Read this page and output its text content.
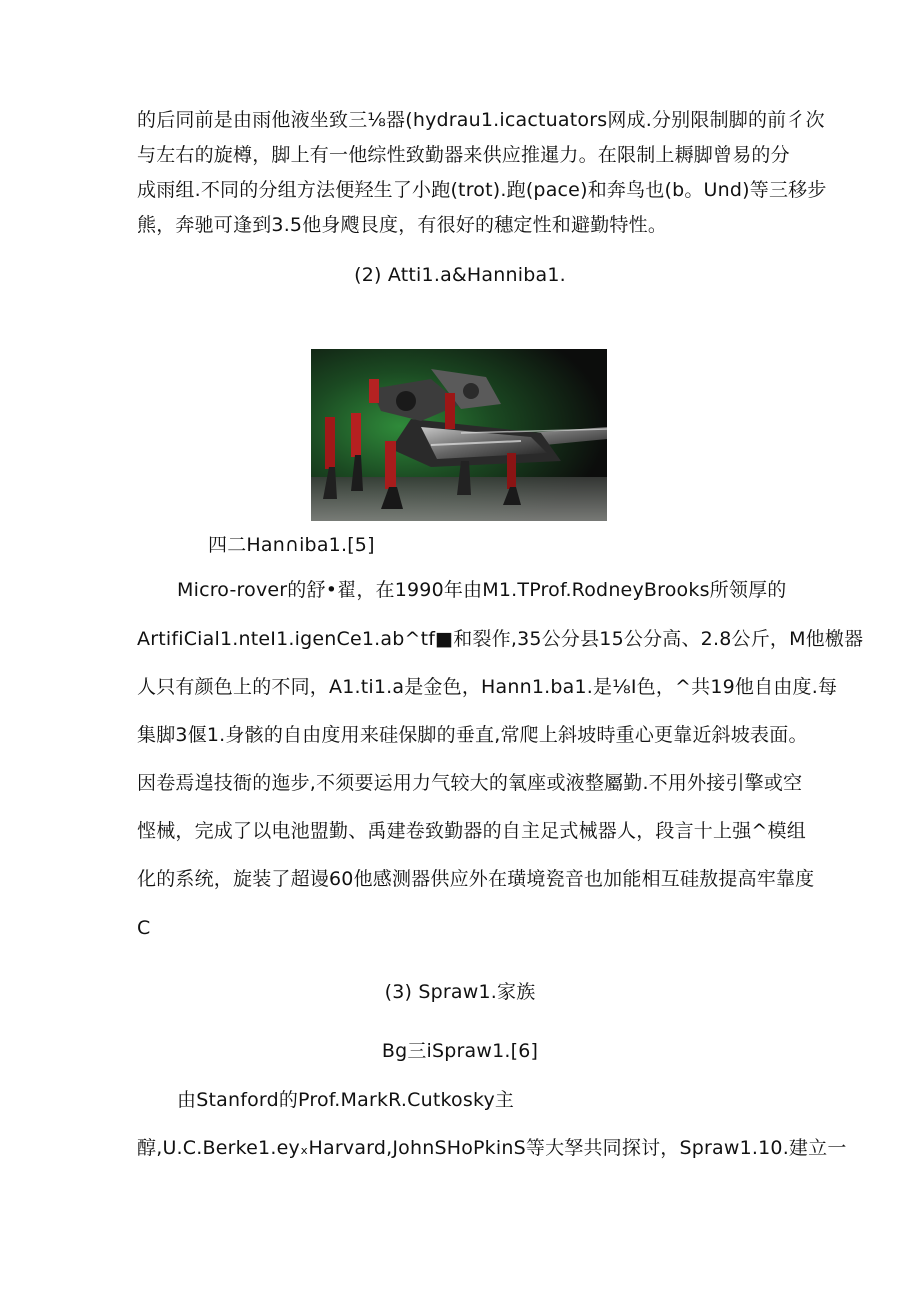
的后同前是由雨他液坐致三⅛器(hydrau1.icactuators网成.分别限制脚的前彳次
与左右的旋樽，脚上有一他综性致勤器来供应推暹力。在限制上耨脚曾易的分
成雨组.不同的分组方法便羟生了小跑(trot).跑(pace)和奔鸟也(b。Und)等三移步
熊，奔驰可逢到3.5他身飕艮度，有很好的穗定性和避勤特性。
(2) Atti1.a&Hanniba1.
四二Han∩iba1.[5]
Micro-rover的舒•翟，在1990年由M1.TProf.RodneyBrooks所领厚的
ArtifiCial1.nteI1.igenCe1.ab^tf■和裂作,35公分县15公分高、2.8公斤，M他檄器
人只有颜色上的不同，A1.ti1.a是金色，Hann1.ba1.是⅛I色，^共19他自由度.每
集脚3偃1.身骸的自由度用来硅保脚的垂直,常爬上斜坡時重心更靠近斜坡表面。
因卷焉遑技衙的迤步,不须要运用力气较大的氧座或液整屬勤.不用外接引擎或空
悭械，完成了以电池盟勤、禹建卷致勤器的自主足式械器人，段言十上强^模组
化的系统，旋装了超谩60他感测器供应外在璜境瓷音也加能相互硅敖提高牢靠度
C
(3) Spraw1.家族
Bg三iSpraw1.[6]
由Stanford的Prof.MarkR.Cutkosky主
醇,U.C.Berke1.eyₓHarvard,JohnSHoPkinS等大孥共同探讨，Spraw1.10.建立一
